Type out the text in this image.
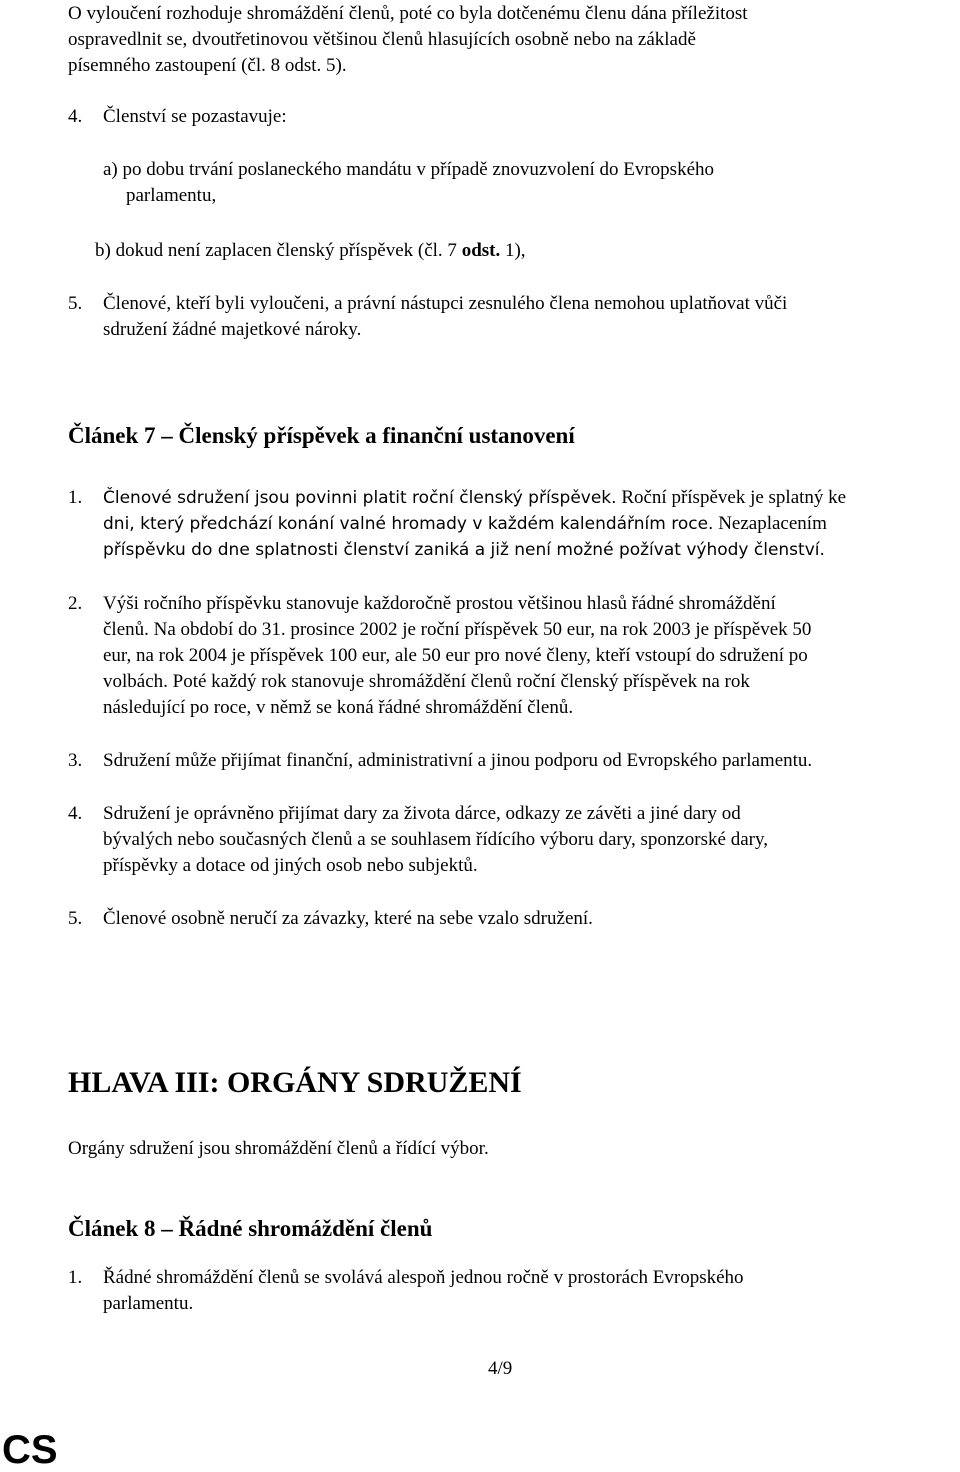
O vyloučení rozhoduje shromáždění členů, poté co byla dotčenému členu dána příležitost
ospravedlnit se, dvoutřetinovou většinou členů hlasujících osobně nebo na základě
písemného zastoupení (čl. 8 odst. 5).
4. Členství se pozastavuje:
a) po dobu trvání poslaneckého mandátu v případě znovuzvolení do Evropského
parlamentu,
b) dokud není zaplacen členský příspěvek (čl. 7 odst. 1),
5. Členové, kteří byli vyloučeni, a právní nástupci zesnulého člena nemohou uplatňovat vůči
sdružení žádné majetkové nároky.
Článek 7 – Členský příspěvek a finanční ustanovení
1. Členové sdružení jsou povinni platit roční členský příspěvek. Roční příspěvek je splatný ke
dni, který předchází konání valné hromady v každém kalendářním roce. Nezaplacením
příspěvku do dne splatnosti členství zaniká a již není možné požívat výhody členství.
2. Výši ročního příspěvku stanovuje každoročně prostou většinou hlasů řádné shromáždění
členů. Na období do 31. prosince 2002 je roční příspěvek 50 eur, na rok 2003 je příspěvek 50
eur, na rok 2004 je příspěvek 100 eur, ale 50 eur pro nové členy, kteří vstoupí do sdružení po
volbách. Poté každý rok stanovuje shromáždění členů roční členský příspěvek na rok
následující po roce, v němž se koná řádné shromáždění členů.
3. Sdružení může přijímat finanční, administrativní a jinou podporu od Evropského parlamentu.
4. Sdružení je oprávněno přijímat dary za života dárce, odkazy ze závěti a jiné dary od
bývalých nebo současných členů a se souhlasem řídícího výboru dary, sponzorské dary,
příspěvky a dotace od jiných osob nebo subjektů.
5. Členové osobně neručí za závazky, které na sebe vzalo sdružení.
HLAVA III: ORGÁNY SDRUŽENÍ
Orgány sdružení jsou shromáždění členů a řídící výbor.
Článek 8 – Řádné shromáždění členů
1. Řádné shromáždění členů se svolává alespoň jednou ročně v prostorách Evropského
parlamentu.
4/9
CS
